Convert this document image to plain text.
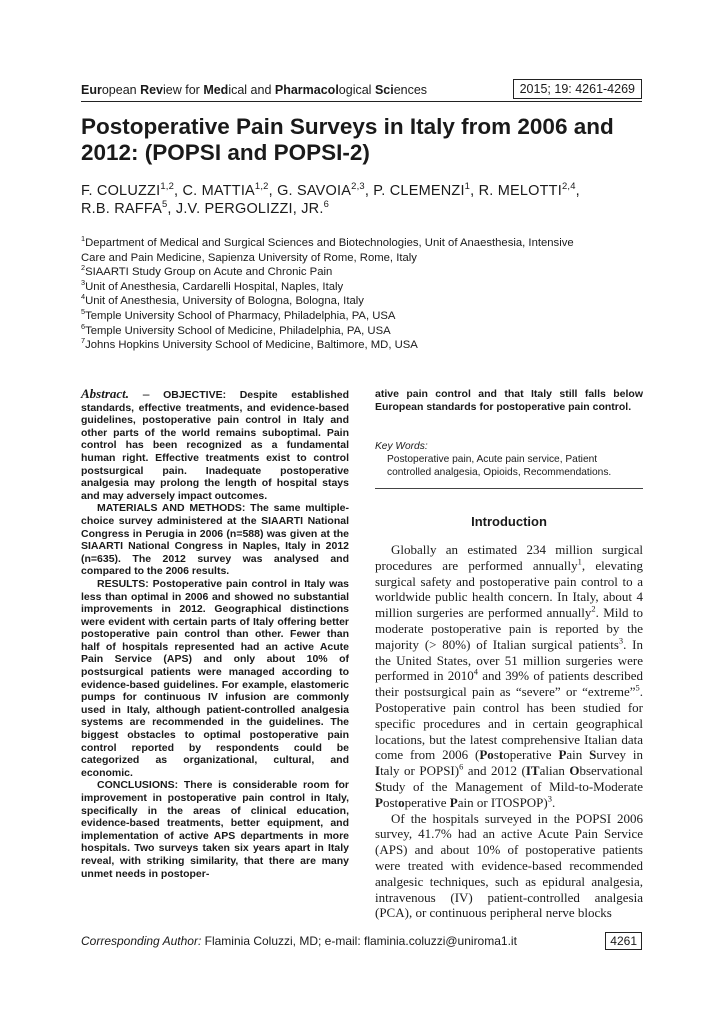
European Review for Medical and Pharmacological Sciences	2015; 19: 4261-4269
Postoperative Pain Surveys in Italy from 2006 and 2012: (POPSI and POPSI-2)
F. COLUZZI$^{1,2}$, C. MATTIA$^{1,2}$, G. SAVOIA$^{2,3}$, P. CLEMENZI$^1$, R. MELOTTI$^{2,4}$,
R.B. RAFFA$^5$, J.V. PERGOLIZZI, JR.$^6$
$^1$Department of Medical and Surgical Sciences and Biotechnologies, Unit of Anaesthesia, Intensive
Care and Pain Medicine, Sapienza University of Rome, Rome, Italy
$^2$SIAARTI Study Group on Acute and Chronic Pain
$^3$Unit of Anesthesia, Cardarelli Hospital, Naples, Italy
$^4$Unit of Anesthesia, University of Bologna, Bologna, Italy
$^5$Temple University School of Pharmacy, Philadelphia, PA, USA
$^6$Temple University School of Medicine, Philadelphia, PA, USA
$^7$Johns Hopkins University School of Medicine, Baltimore, MD, USA

Abstract. – OBJECTIVE: Despite established standards, effective treatments, and evidence-based guidelines, postoperative pain control in Italy and other parts of the world remains suboptimal. Pain control has been recognized as a fundamental human right. Effective treatments exist to control postsurgical pain. Inadequate postoperative analgesia may prolong the length of hospital stays and may adversely impact outcomes.

MATERIALS AND METHODS: The same multiple-choice survey administered at the SIAARTI National Congress in Perugia in 2006 (n=588) was given at the SIAARTI National Congress in Naples, Italy in 2012 (n=635). The 2012 survey was analysed and compared to the 2006 results.

RESULTS: Postoperative pain control in Italy was less than optimal in 2006 and showed no substantial improvements in 2012. Geographical distinctions were evident with certain parts of Italy offering better postoperative pain control than other. Fewer than half of hospitals represented had an active Acute Pain Service (APS) and only about 10% of postsurgical patients were managed according to evidence-based guidelines. For example, elastomeric pumps for continuous IV infusion are commonly used in Italy, although patient-controlled analgesia systems are recommended in the guidelines. The biggest obstacles to optimal postoperative pain control reported by respondents could be categorized as organizational, cultural, and economic.

CONCLUSIONS: There is considerable room for improvement in postoperative pain control in Italy, specifically in the areas of clinical education, evidence-based treatments, better equipment, and implementation of active APS departments in more hospitals. Two surveys taken six years apart in Italy reveal, with striking similarity, that there are many unmet needs in postoper-

ative pain control and that Italy still falls below European standards for postoperative pain control.
Key Words:
Postoperative pain, Acute pain service, Patient controlled analgesia, Opioids, Recommendations.
Introduction

Globally an estimated 234 million surgical procedures are performed annually$^1$, elevating surgical safety and postoperative pain control to a worldwide public health concern. In Italy, about 4 million surgeries are performed annually$^2$. Mild to moderate postoperative pain is reported by the majority (> 80%) of Italian surgical patients$^3$. In the United States, over 51 million surgeries were performed in 2010$^4$ and 39% of patients described their postsurgical pain as “severe” or “extreme”$^5$. Postoperative pain control has been studied for specific procedures and in certain geographical locations, but the latest comprehensive Italian data come from 2006 (Postoperative Pain Survey in Italy or POPSI)$^6$ and 2012 (ITalian Observational Study of the Management of Mild-to-Moderate Postoperative Pain or ITOSPOP)$^3$.

Of the hospitals surveyed in the POPSI 2006 survey, 41.7% had an active Acute Pain Service (APS) and about 10% of postoperative patients were treated with evidence-based recommended analgesic techniques, such as epidural analgesia, intravenous (IV) patient-controlled analgesia (PCA), or continuous peripheral nerve blocks

Corresponding Author: Flaminia Coluzzi, MD; e-mail: flaminia.coluzzi@uniroma1.it	4261
